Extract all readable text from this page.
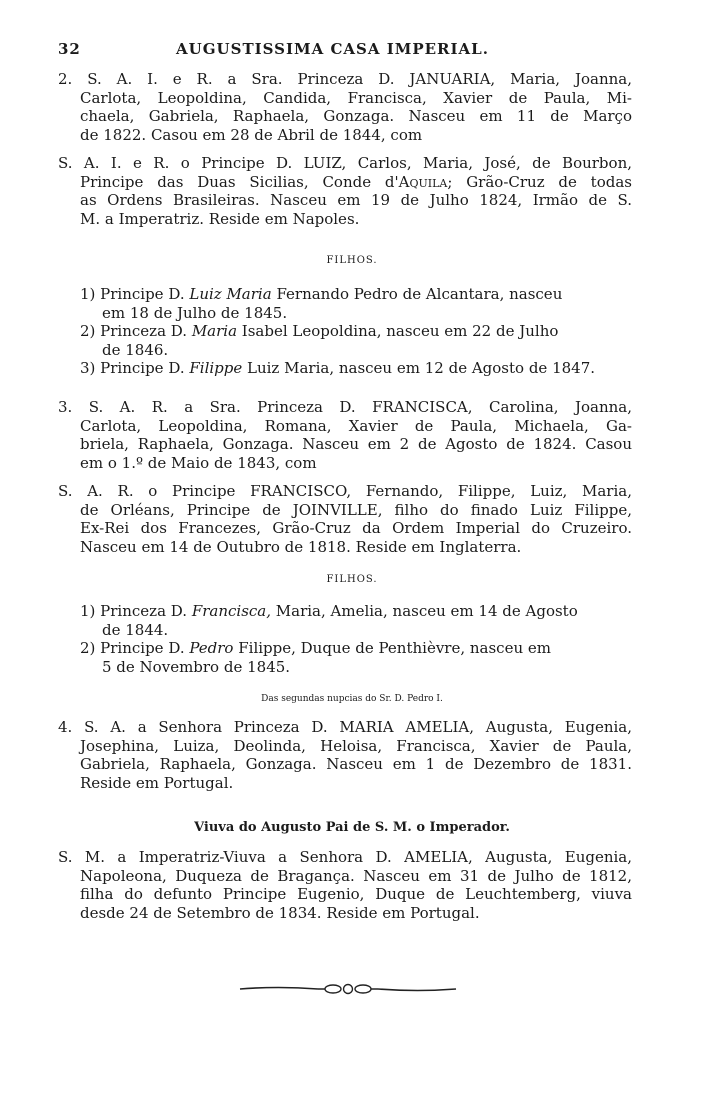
32	AUGUSTISSIMA CASA IMPERIAL.
2. S. A. I. e R. a Sra. Princeza D. JANUARIA, Maria, Joanna,
Carlota, Leopoldina, Candida, Francisca, Xavier de Paula, Mi-
chaela, Gabriela, Raphaela, Gonzaga. Nasceu em 11 de Março
de 1822. Casou em 28 de Abril de 1844, com
S. A. I. e R. o Principe D. LUIZ, Carlos, Maria, José, de Bourbon,
Principe das Duas Sicilias, Conde d'Aquila; Grão-Cruz de todas
as Ordens Brasileiras. Nasceu em 19 de Julho 1824, Irmão de S.
M. a Imperatriz. Reside em Napoles.
FILHOS.
1) Principe D. Luiz Maria Fernando Pedro de Alcantara, nasceu
em 18 de Julho de 1845.
2) Princeza D. Maria Isabel Leopoldina, nasceu em 22 de Julho
de 1846.
3) Principe D. Filippe Luiz Maria, nasceu em 12 de Agosto de 1847.
3. S. A. R. a Sra. Princeza D. FRANCISCA, Carolina, Joanna,
Carlota, Leopoldina, Romana, Xavier de Paula, Michaela, Ga-
briela, Raphaela, Gonzaga. Nasceu em 2 de Agosto de 1824. Casou
em o 1.º de Maio de 1843, com
S. A. R. o Principe FRANCISCO, Fernando, Filippe, Luiz, Maria,
de Orléans, Principe de JOINVILLE, filho do finado Luiz Filippe,
Ex-Rei dos Francezes, Grão-Cruz da Ordem Imperial do Cruzeiro.
Nasceu em 14 de Outubro de 1818. Reside em Inglaterra.
FILHOS.
1) Princeza D. Francisca, Maria, Amelia, nasceu em 14 de Agosto
de 1844.
2) Principe D. Pedro Filippe, Duque de Penthièvre, nasceu em
5 de Novembro de 1845.
Das segundas nupcias do Sr. D. Pedro I.
4. S. A. a Senhora Princeza D. MARIA AMELIA, Augusta, Eugenia,
Josephina, Luiza, Deolinda, Heloisa, Francisca, Xavier de Paula,
Gabriela, Raphaela, Gonzaga. Nasceu em 1 de Dezembro de 1831.
Reside em Portugal.
Viuva do Augusto Pai de S. M. o Imperador.
S. M. a Imperatriz-Viuva a Senhora D. AMELIA, Augusta, Eugenia,
Napoleona, Duqueza de Bragança. Nasceu em 31 de Julho de 1812,
filha do defunto Principe Eugenio, Duque de Leuchtemberg, viuva
desde 24 de Setembro de 1834. Reside em Portugal.
